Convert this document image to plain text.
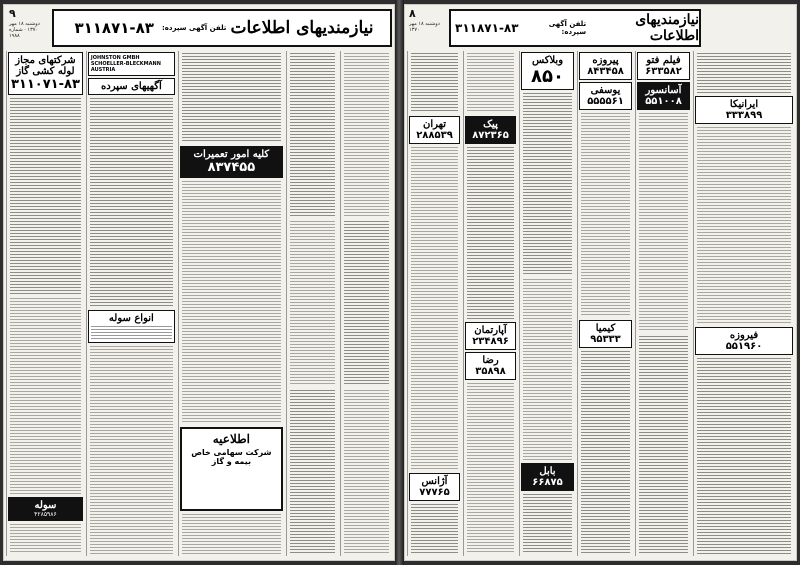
۹
دوشنبه ۱۸ مهر ۱۳۷۰ · شماره ۱۹۸۸	نیازمندیهای اطلاعات
تلفن آگهی سپرده:
۳۱۱۸۷۱-۸۳
شرکتهای مجاز لوله کشی گاز
۳۱۱۰۷۱-۸۳
سوله
۴۲۸۵۹۸۶
JOHNSTON GMBH
SCHOELLER-BLECKMANN AUSTRIA
آگهیهای سپرده
انواع سوله
کلیه امور تعمیرات
۸۳۷۴۵۵
اطلاعیه
شرکت سهامی خاص بیمه و گاز
۸
دوشنبه ۱۸ مهر ۱۳۷۰
نیازمندیهای اطلاعات
تلفن آگهی سپرده:
۳۱۱۸۷۱-۸۳
تهران
۲۸۸۵۳۹
آژانس
۷۷۷۶۵
پیک
۸۷۲۳۶۵
آپارتمان
۲۳۴۸۹۶
رضا
۳۵۸۹۸
وبلاکس
۸۵۰
بابل
۶۶۸۷۵
پیروزه
۸۴۳۴۵۸
یوسفی
۵۵۵۵۶۱
کیمیا
۹۵۳۳۳
فیلم فتو
۶۳۳۵۸۲
آسانسور
۵۵۱۰۰۸	ایرانیکا
۳۳۳۸۹۹
فیروزه
۵۵۱۹۶۰
